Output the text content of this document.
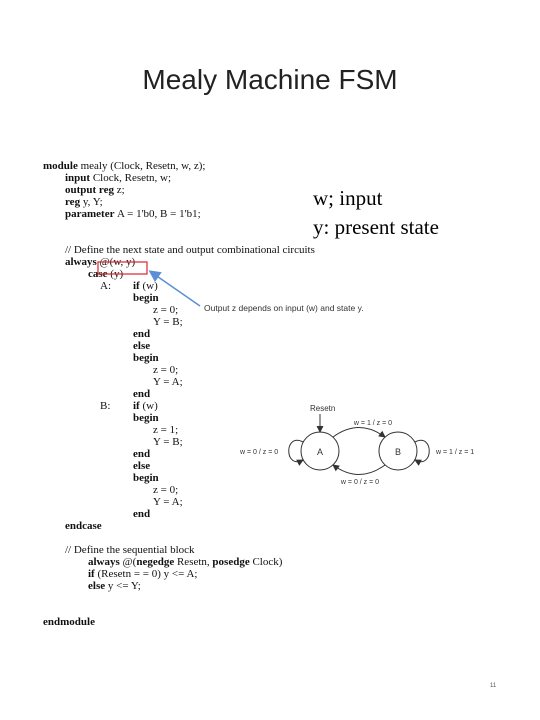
Mealy Machine FSM
module mealy (Clock, Resetn, w, z);
input Clock, Resetn, w;
output reg z;
reg y, Y;
parameter A = 1'b0, B = 1'b1;
// Define the next state and output combinational circuits
always @(w, y)
case (y)
A: if (w)
begin
z = 0;
Y = B;
end
else
begin
z = 0;
Y = A;
end
B: if (w)
begin
z = 1;
Y = B;
end
else
begin
z = 0;
Y = A;
end
endcase
// Define the sequential block
always @(negedge Resetn, posedge Clock)
if (Resetn = = 0) y <= A;
else y <= Y;
endmodule
w; input
y: present state
Resetn
A	B
w = 1 / z = 0
w = 0 / z = 0
w = 0 / z = 0	w = 1 / z = 1
Output z depends on input (w) and state y.
11
